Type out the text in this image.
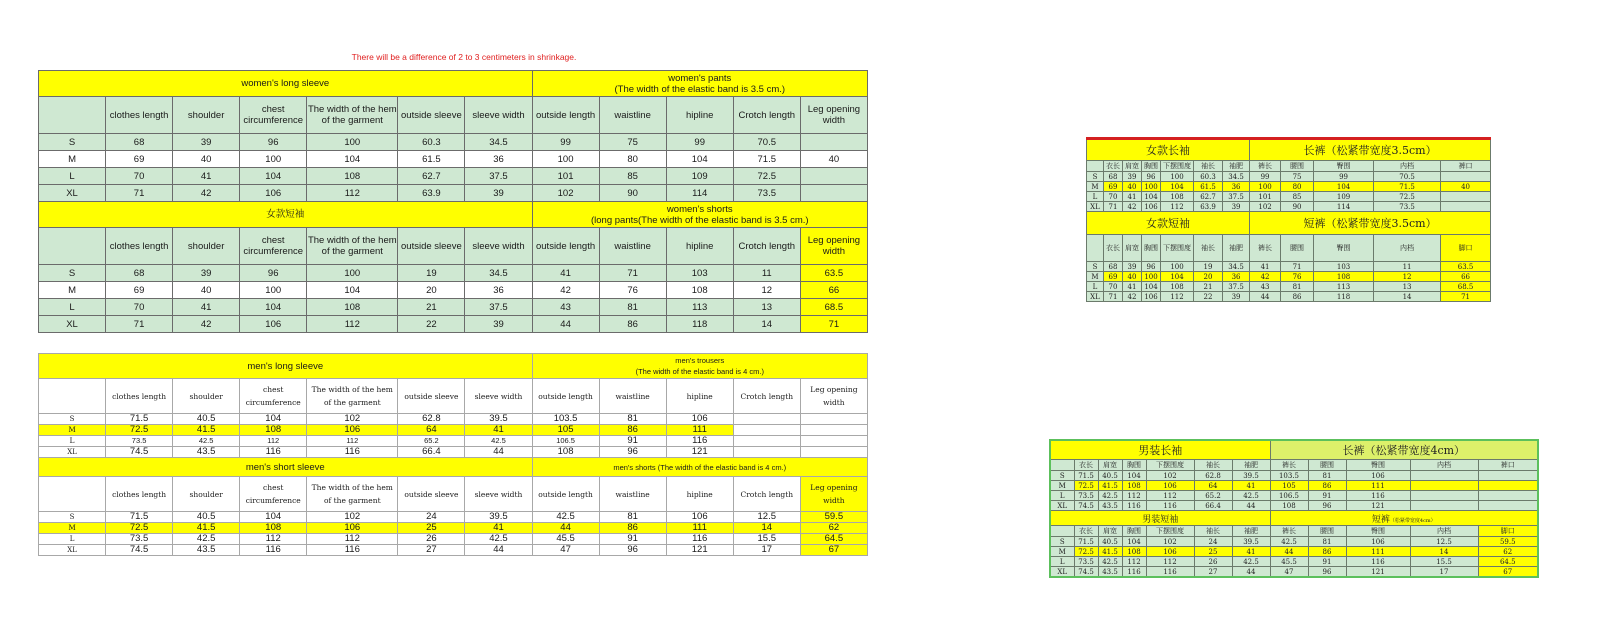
There will be a difference of 2 to 3 centimeters in shrinkage.
women's long sleeve							women's pants
(The width of the elastic band is 3.5 cm.)				

	clothes length	shoulder	chest circumference	The width of the hem of the garment	outside sleeve	sleeve width	outside length	waistline	hipline	Crotch length	Leg opening width
S	68	39	96	100	60.3	34.5	99	75	99	70.5	
M	69	40	100	104	61.5	36	100	80	104	71.5	40
L	70	41	104	108	62.7	37.5	101	85	109	72.5	
XL	71	42	106	112	63.9	39	102	90	114	73.5	
女款短袖							women's shorts
(long pants(The width of the elastic band is 3.5 cm.)				

	clothes length	shoulder	chest circumference	The width of the hem of the garment	outside sleeve	sleeve width	outside length	waistline	hipline	Crotch length	Leg opening width
S	68	39	96	100	19	34.5	41	71	103	11	63.5
M	69	40	100	104	20	36	42	76	108	12	66
L	70	41	104	108	21	37.5	43	81	113	13	68.5
XL	71	42	106	112	22	39	44	86	118	14	71
men's long sleeve							men's trousers
(The width of the elastic band is 4 cm.)				

	clothes length	shoulder	chest circumference	The width of the hem of the garment	outside sleeve	sleeve width	outside length	waistline	hipline	Crotch length	Leg opening width
S	71.5	40.5	104	102	62.8	39.5	103.5	81	106		
M	72.5	41.5	108	106	64	41	105	86	111		
L	73.5	42.5	112	112	65.2	42.5	106.5	91	116		
XL	74.5	43.5	116	116	66.4	44	108	96	121		
men's short sleeve							men's shorts (The width of the elastic band is 4 cm.)				
	clothes length	shoulder	chest circumference	The width of the hem of the garment	outside sleeve	sleeve width	outside length	waistline	hipline	Crotch length	Leg opening width
S	71.5	40.5	104	102	24	39.5	42.5	81	106	12.5	59.5
M	72.5	41.5	108	106	25	41	44	86	111	14	62
L	73.5	42.5	112	112	26	42.5	45.5	91	116	15.5	64.5
XL	74.5	43.5	116	116	27	44	47	96	121	17	67
女款长袖							长裤（松紧带宽度3.5cm）				
	衣长	肩宽	胸围	下摆围度	袖长	袖肥	裤长	腰围	臀围	内档	裤口
S	68	39	96	100	60.3	34.5	99	75	99	70.5	
M	69	40	100	104	61.5	36	100	80	104	71.5	40
L	70	41	104	108	62.7	37.5	101	85	109	72.5	
XL	71	42	106	112	63.9	39	102	90	114	73.5	
女款短袖							短裤（松紧带宽度3.5cm）				
	衣长	肩宽	胸围	下摆围度	袖长	袖肥	裤长	腰围	臀围	内档	脚口
S	68	39	96	100	19	34.5	41	71	103	11	63.5
M	69	40	100	104	20	36	42	76	108	12	66
L	70	41	104	108	21	37.5	43	81	113	13	68.5
XL	71	42	106	112	22	39	44	86	118	14	71
男装长袖							长裤（松紧带宽度4cm）				
	衣长	肩宽	胸围	下摆围度	袖长	袖肥	裤长	腰围	臀围	内档	裤口
S	71.5	40.5	104	102	62.8	39.5	103.5	81	106		
M	72.5	41.5	108	106	64	41	105	86	111		
L	73.5	42.5	112	112	65.2	42.5	106.5	91	116		
XL	74.5	43.5	116	116	66.4	44	108	96	121		
男装短袖							短裤（松紧带宽度4cm）				
	衣长	肩宽	胸围	下摆围度	袖长	袖肥	裤长	腰围	臀围	内档	脚口
S	71.5	40.5	104	102	24	39.5	42.5	81	106	12.5	59.5
M	72.5	41.5	108	106	25	41	44	86	111	14	62
L	73.5	42.5	112	112	26	42.5	45.5	91	116	15.5	64.5
XL	74.5	43.5	116	116	27	44	47	96	121	17	67
